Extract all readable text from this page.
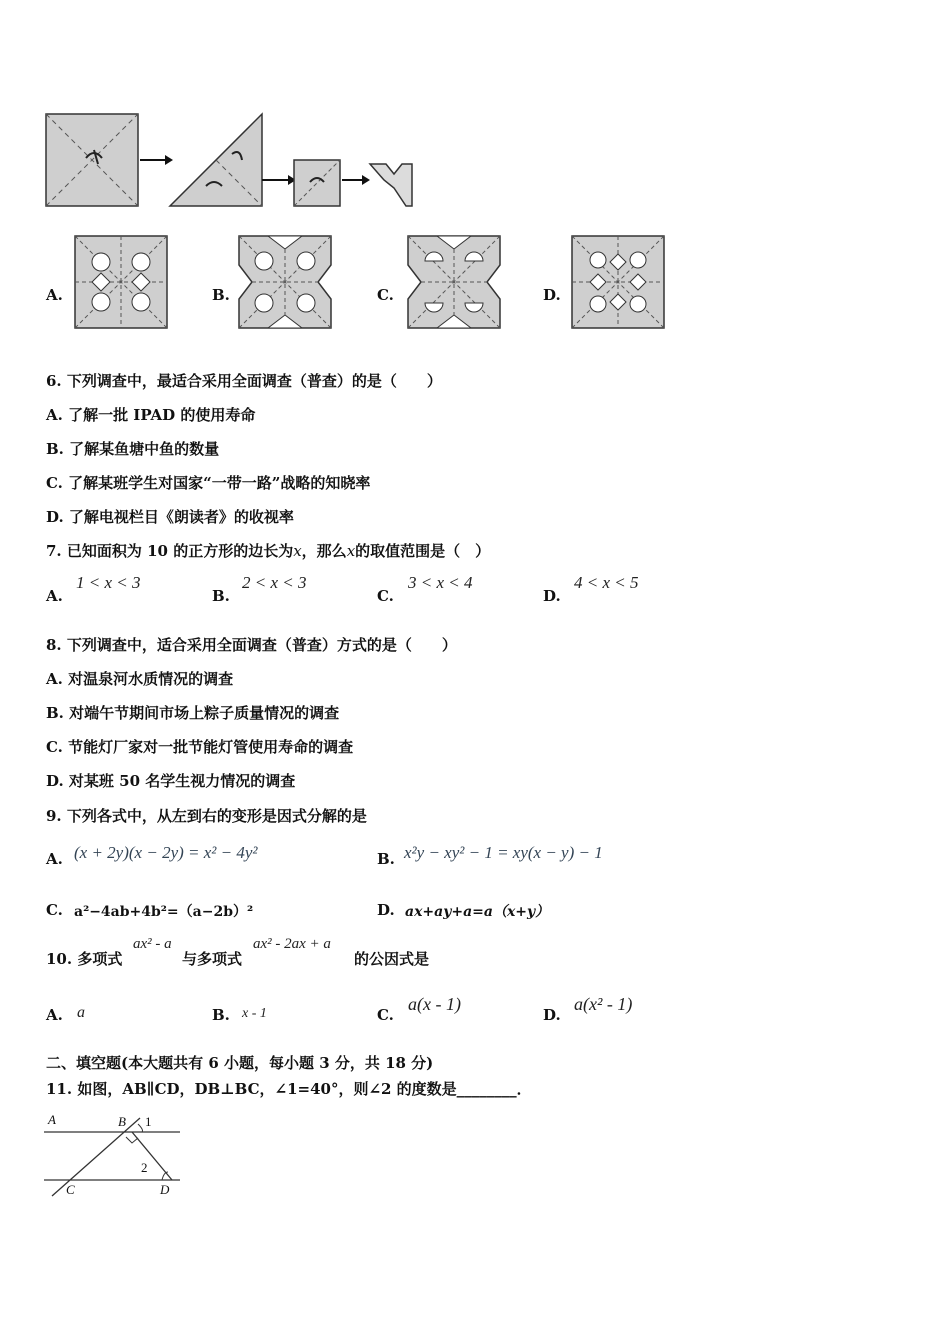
A.	B.	C.	D.
6. 下列调查中，最适合采用全面调查（普查）的是（　　）
A. 了解一批 IPAD 的使用寿命
B. 了解某鱼塘中鱼的数量
C. 了解某班学生对国家“一带一路”战略的知晓率
D. 了解电视栏目《朗读者》的收视率
7. 已知面积为 10 的正方形的边长为x，那么x的取值范围是（　）
A.
1 < x < 3
B.
2 < x < 3
C.
3 < x < 4
D.
4 < x < 5
8. 下列调查中，适合采用全面调查（普查）方式的是（　　）
A. 对温泉河水质情况的调查
B. 对端午节期间市场上粽子质量情况的调查
C. 节能灯厂家对一批节能灯管使用寿命的调查
D. 对某班 50 名学生视力情况的调查
9. 下列各式中，从左到右的变形是因式分解的是
A. (x + 2y)(x − 2y) = x² − 4y²	B. x²y − xy² − 1 = xy(x − y) − 1
C. a²−4ab+4b²=（a−2b）²	D. ax+ay+a=a（x+y）
10. 多项式
ax² - a
与多项式
ax² - 2ax + a
的公因式是
A. a	B. x - 1	C.
a(x - 1)
D.
a(x² - 1)
二、填空题(本大题共有 6 小题，每小题 3 分，共 18 分)
11. 如图，AB∥CD，DB⊥BC，∠1=40°，则∠2 的度数是________．
A	B 1
2
C	D
